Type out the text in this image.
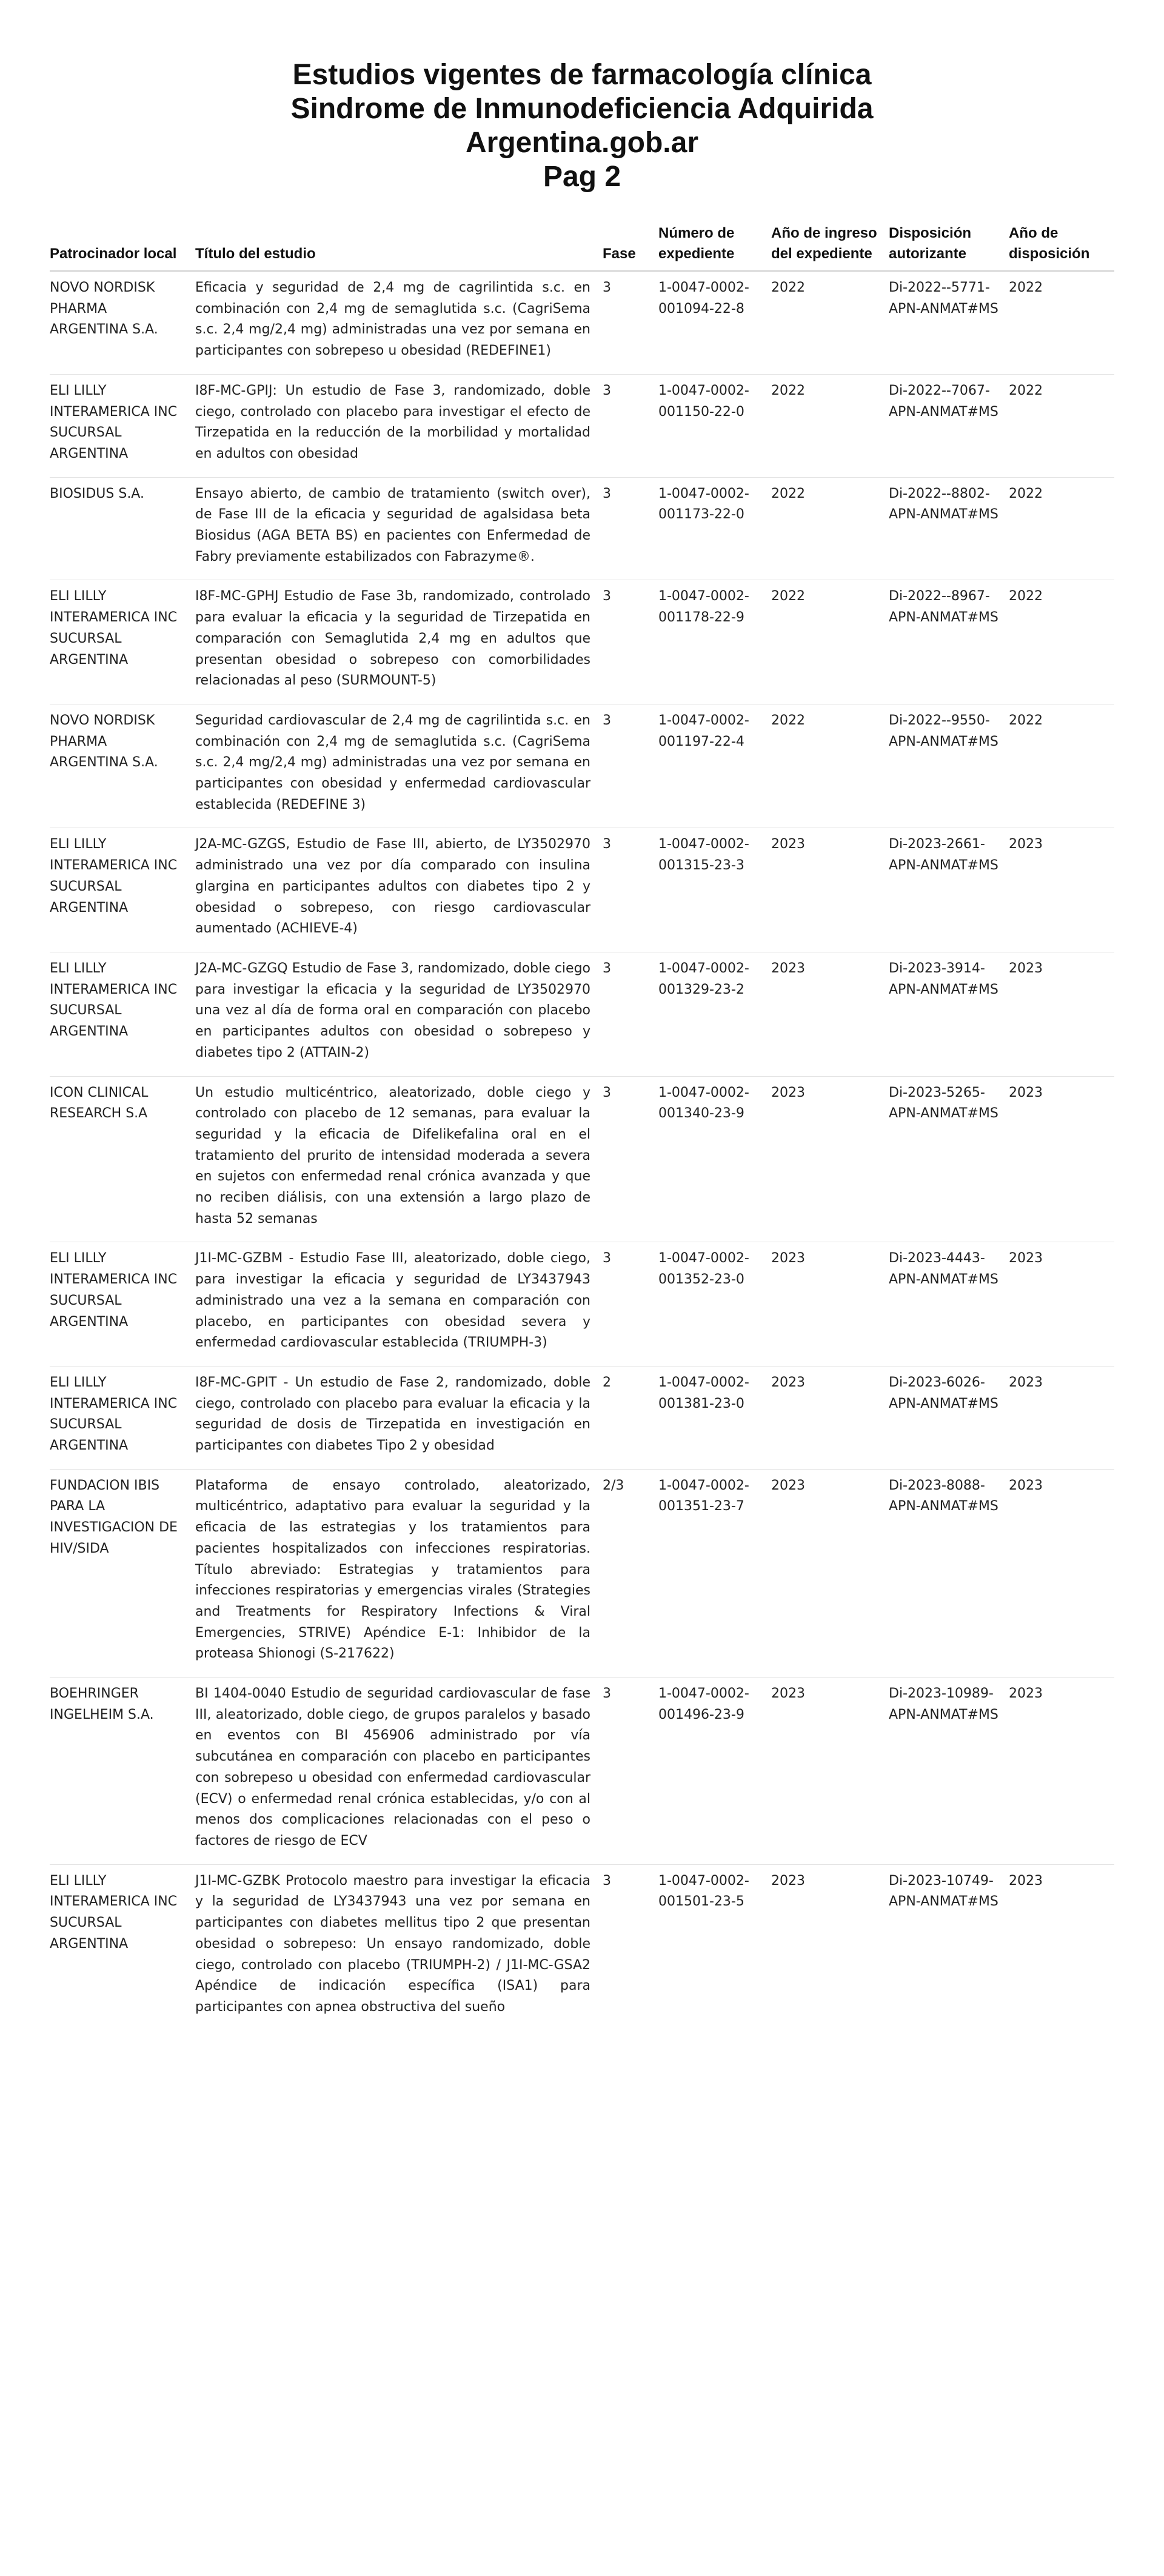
Estudios vigentes de farmacología clínica
Sindrome de Inmunodeficiencia Adquirida
Argentina.gob.ar
Pag 2
Patrocinador local	Título del estudio	Fase	Número de expediente	Año de ingreso del expediente	Disposición autorizante	Año de disposición
NOVO NORDISK PHARMA ARGENTINA S.A.	Eficacia y seguridad de 2,4 mg de cagrilintida s.c. en combinación con 2,4 mg de semaglutida s.c. (CagriSema s.c. 2,4 mg/2,4 mg) administradas una vez por semana en participantes con sobrepeso u obesidad (REDEFINE1)	3	1-0047-0002-001094-22-8	2022	Di-2022--5771-APN-ANMAT#MS	2022
ELI LILLY INTERAMERICA INC SUCURSAL ARGENTINA	I8F-MC-GPIJ: Un estudio de Fase 3, randomizado, doble ciego, controlado con placebo para investigar el efecto de Tirzepatida en la reducción de la morbilidad y mortalidad en adultos con obesidad	3	1-0047-0002-001150-22-0	2022	Di-2022--7067-APN-ANMAT#MS	2022
BIOSIDUS S.A.	Ensayo abierto, de cambio de tratamiento (switch over), de Fase III de la eficacia y seguridad de agalsidasa beta Biosidus (AGA BETA BS) en pacientes con Enfermedad de Fabry previamente estabilizados con Fabrazyme®.	3	1-0047-0002-001173-22-0	2022	Di-2022--8802-APN-ANMAT#MS	2022
ELI LILLY INTERAMERICA INC SUCURSAL ARGENTINA	I8F-MC-GPHJ Estudio de Fase 3b, randomizado, controlado para evaluar la eficacia y la seguridad de Tirzepatida en comparación con Semaglutida 2,4 mg en adultos que presentan obesidad o sobrepeso con comorbilidades relacionadas al peso (SURMOUNT-5)	3	1-0047-0002-001178-22-9	2022	Di-2022--8967-APN-ANMAT#MS	2022
NOVO NORDISK PHARMA ARGENTINA S.A.	Seguridad cardiovascular de 2,4 mg de cagrilintida s.c. en combinación con 2,4 mg de semaglutida s.c. (CagriSema s.c. 2,4 mg/2,4 mg) administradas una vez por semana en participantes con obesidad y enfermedad cardiovascular establecida (REDEFINE 3)	3	1-0047-0002-001197-22-4	2022	Di-2022--9550-APN-ANMAT#MS	2022
ELI LILLY INTERAMERICA INC SUCURSAL ARGENTINA	J2A-MC-GZGS, Estudio de Fase III, abierto, de LY3502970 administrado una vez por día comparado con insulina glargina en participantes adultos con diabetes tipo 2 y obesidad o sobrepeso, con riesgo cardiovascular aumentado (ACHIEVE-4)	3	1-0047-0002-001315-23-3	2023	Di-2023-2661-APN-ANMAT#MS	2023
ELI LILLY INTERAMERICA INC SUCURSAL ARGENTINA	J2A-MC-GZGQ Estudio de Fase 3, randomizado, doble ciego para investigar la eficacia y la seguridad de LY3502970 una vez al día de forma oral en comparación con placebo en participantes adultos con obesidad o sobrepeso y diabetes tipo 2 (ATTAIN-2)	3	1-0047-0002-001329-23-2	2023	Di-2023-3914-APN-ANMAT#MS	2023
ICON CLINICAL RESEARCH S.A	Un estudio multicéntrico, aleatorizado, doble ciego y controlado con placebo de 12 semanas, para evaluar la seguridad y la eficacia de Difelikefalina oral en el tratamiento del prurito de intensidad moderada a severa en sujetos con enfermedad renal crónica avanzada y que no reciben diálisis, con una extensión a largo plazo de hasta 52 semanas	3	1-0047-0002-001340-23-9	2023	Di-2023-5265-APN-ANMAT#MS	2023
ELI LILLY INTERAMERICA INC SUCURSAL ARGENTINA	J1I-MC-GZBM - Estudio Fase III, aleatorizado, doble ciego, para investigar la eficacia y seguridad de LY3437943 administrado una vez a la semana en comparación con placebo, en participantes con obesidad severa y enfermedad cardiovascular establecida (TRIUMPH-3)	3	1-0047-0002-001352-23-0	2023	Di-2023-4443-APN-ANMAT#MS	2023
ELI LILLY INTERAMERICA INC SUCURSAL ARGENTINA	I8F-MC-GPIT - Un estudio de Fase 2, randomizado, doble ciego, controlado con placebo para evaluar la eficacia y la seguridad de dosis de Tirzepatida en investigación en participantes con diabetes Tipo 2 y obesidad	2	1-0047-0002-001381-23-0	2023	Di-2023-6026-APN-ANMAT#MS	2023
FUNDACION IBIS PARA LA INVESTIGACION DE HIV/SIDA	Plataforma de ensayo controlado, aleatorizado, multicéntrico, adaptativo para evaluar la seguridad y la eficacia de las estrategias y los tratamientos para pacientes hospitalizados con infecciones respiratorias. Título abreviado: Estrategias y tratamientos para infecciones respiratorias y emergencias virales (Strategies and Treatments for Respiratory Infections & Viral Emergencies, STRIVE) Apéndice E-1: Inhibidor de la proteasa Shionogi (S-217622)	2/3	1-0047-0002-001351-23-7	2023	Di-2023-8088-APN-ANMAT#MS	2023
BOEHRINGER INGELHEIM S.A.	BI 1404-0040 Estudio de seguridad cardiovascular de fase III, aleatorizado, doble ciego, de grupos paralelos y basado en eventos con BI 456906 administrado por vía subcutánea en comparación con placebo en participantes con sobrepeso u obesidad con enfermedad cardiovascular (ECV) o enfermedad renal crónica establecidas, y/o con al menos dos complicaciones relacionadas con el peso o factores de riesgo de ECV	3	1-0047-0002-001496-23-9	2023	Di-2023-10989-APN-ANMAT#MS	2023
ELI LILLY INTERAMERICA INC SUCURSAL ARGENTINA	J1I-MC-GZBK Protocolo maestro para investigar la eficacia y la seguridad de LY3437943 una vez por semana en participantes con diabetes mellitus tipo 2 que presentan obesidad o sobrepeso: Un ensayo randomizado, doble ciego, controlado con placebo (TRIUMPH-2) / J1I-MC-GSA2 Apéndice de indicación específica (ISA1) para participantes con apnea obstructiva del sueño	3	1-0047-0002-001501-23-5	2023	Di-2023-10749-APN-ANMAT#MS	2023
